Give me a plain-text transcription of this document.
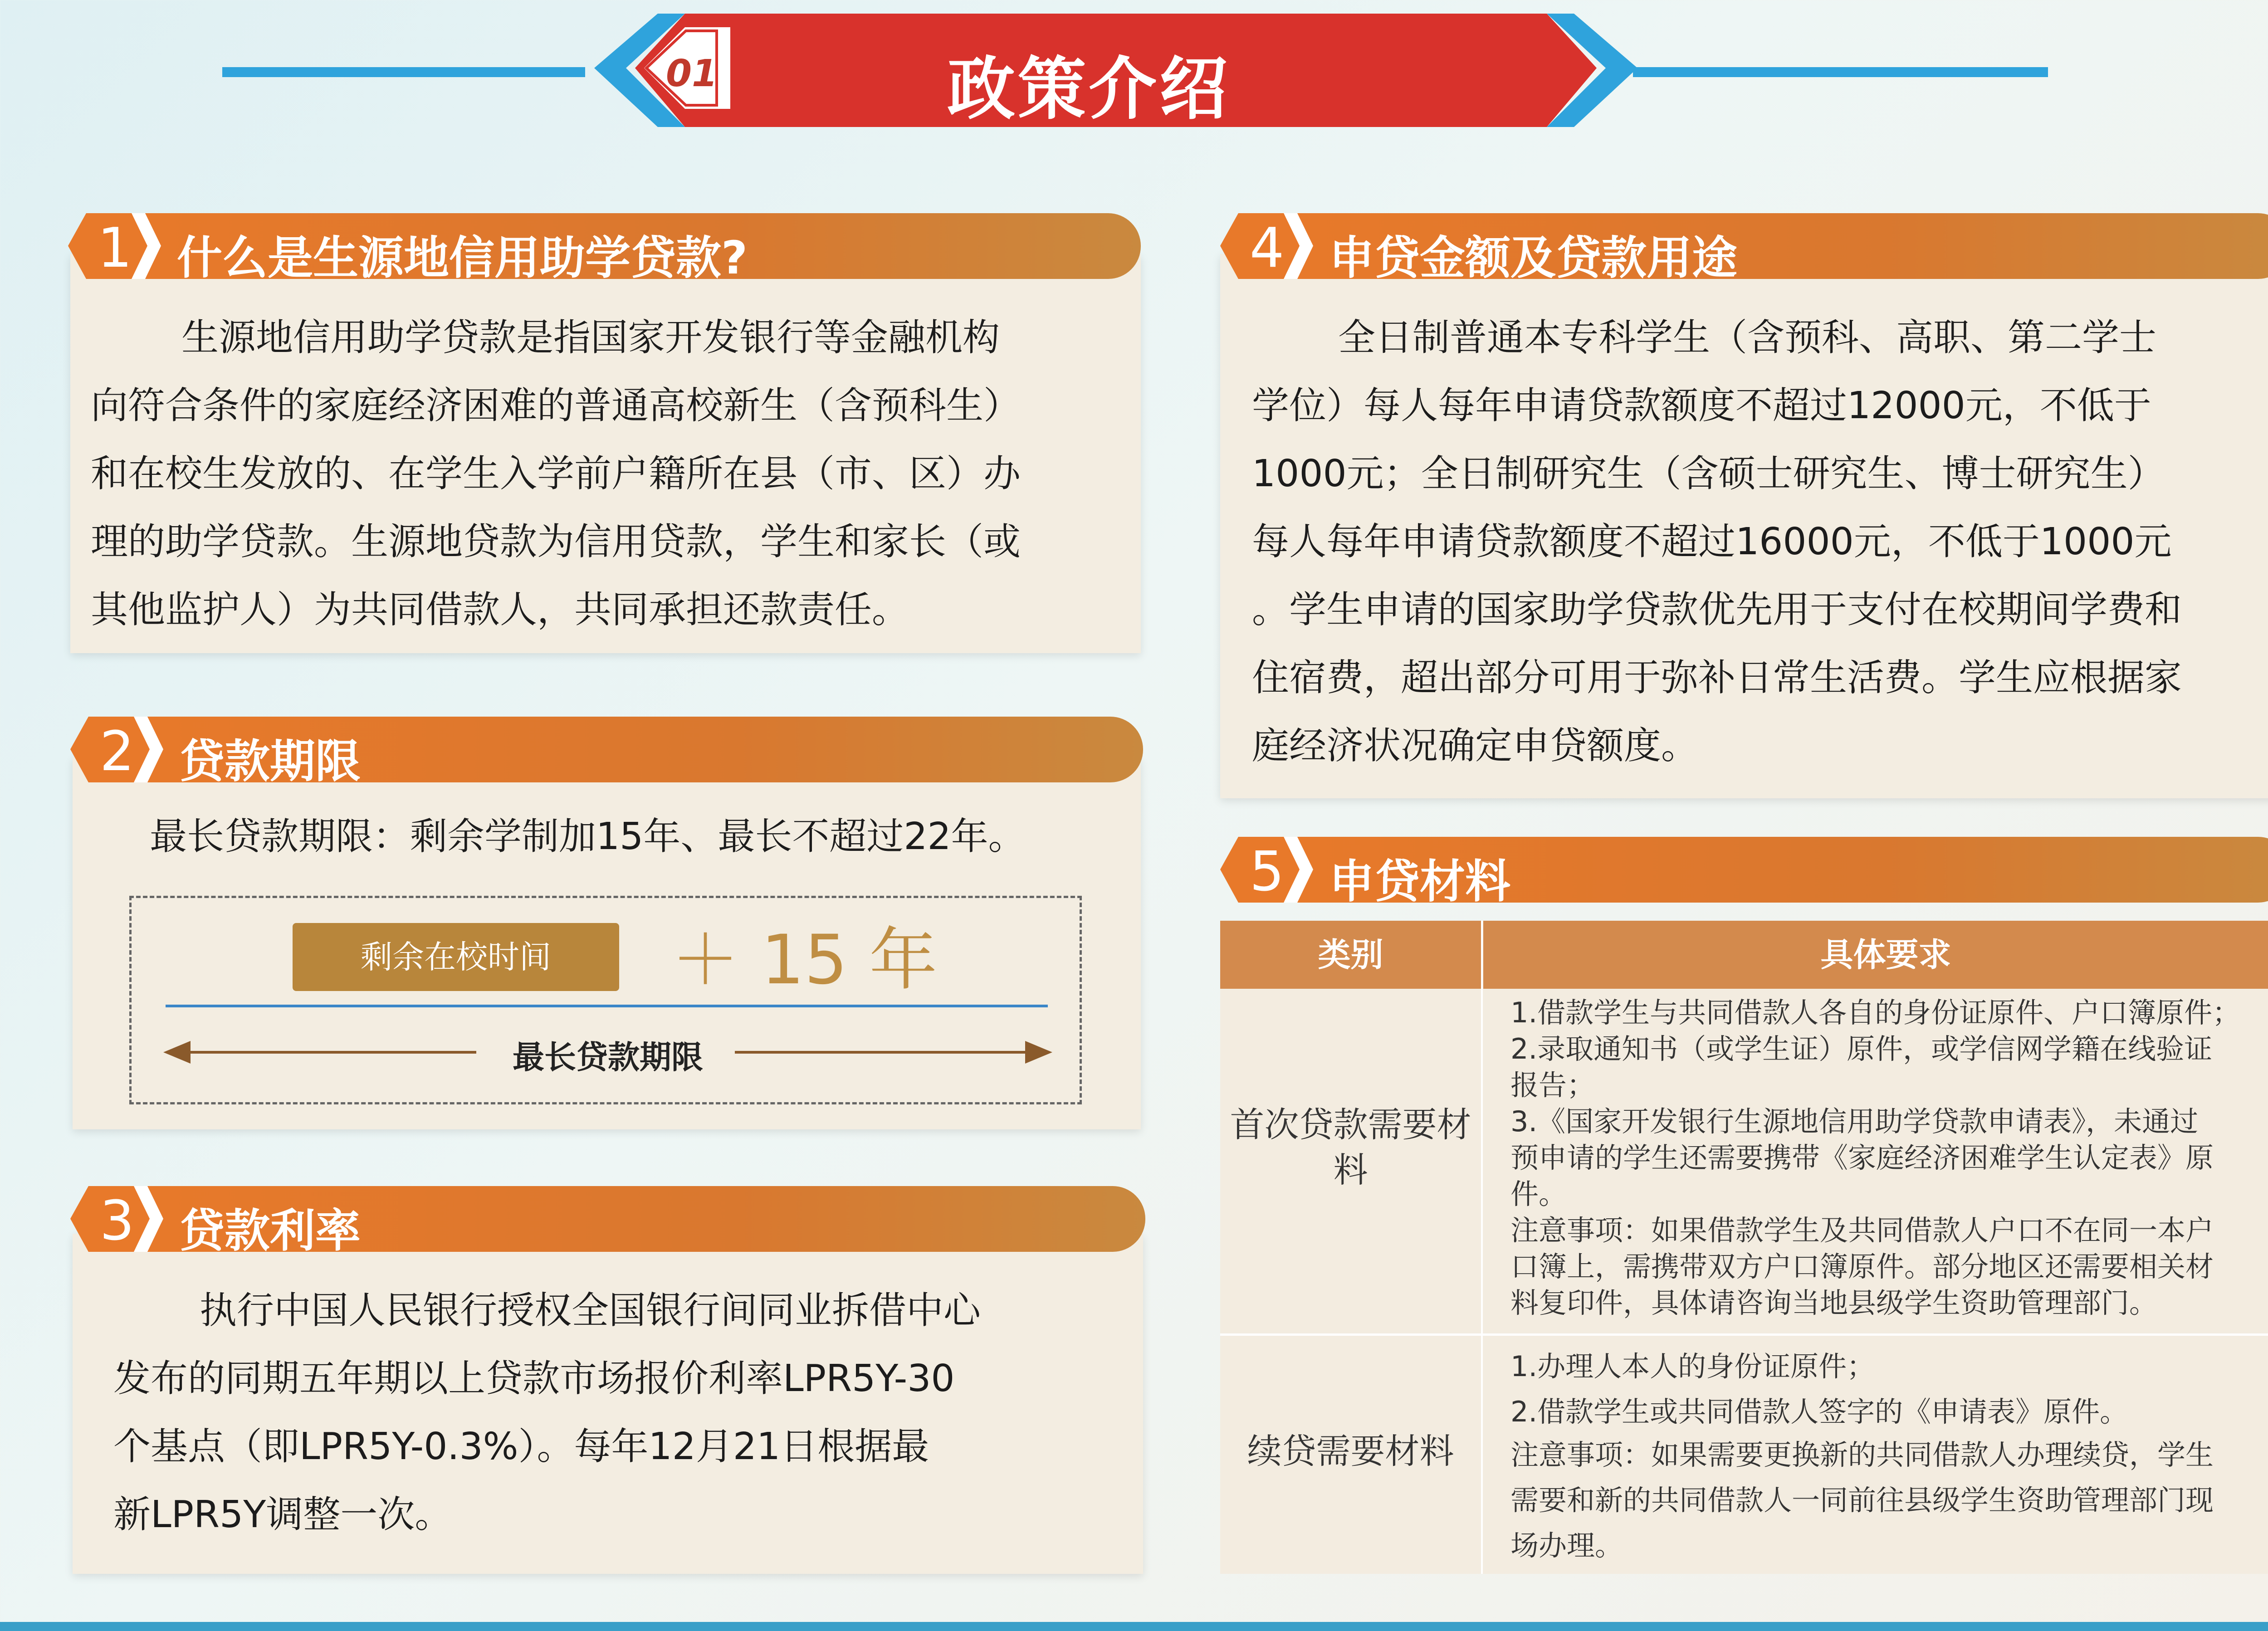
01	政策介绍
1 什么是生源地信用助学贷款?
生源地信用助学贷款是指国家开发银行等金融机构
向符合条件的家庭经济困难的普通高校新生（含预科生）
和在校生发放的、在学生入学前户籍所在县（市、区）办
理的助学贷款。生源地贷款为信用贷款，学生和家长（或
其他监护人）为共同借款人，共同承担还款责任。
2 贷款期限
最长贷款期限：剩余学制加15年、最长不超过22年。
剩余在校时间	＋ 15 年
最长贷款期限
3 贷款利率
执行中国人民银行授权全国银行间同业拆借中心
发布的同期五年期以上贷款市场报价利率LPR5Y-30
个基点（即LPR5Y-0.3%）。每年12月21日根据最
新LPR5Y调整一次。
4 申贷金额及贷款用途
全日制普通本专科学生（含预科、高职、第二学士
学位）每人每年申请贷款额度不超过12000元，不低于
1000元；全日制研究生（含硕士研究生、博士研究生）
每人每年申请贷款额度不超过16000元，不低于1000元
。学生申请的国家助学贷款优先用于支付在校期间学费和
住宿费，超出部分可用于弥补日常生活费。学生应根据家
庭经济状况确定申贷额度。
5 申贷材料
类别	具体要求
首次贷款需要材料
1.借款学生与共同借款人各自的身份证原件、户口簿原件；
2.录取通知书（或学生证）原件，或学信网学籍在线验证
报告；
3.《国家开发银行生源地信用助学贷款申请表》，未通过
预申请的学生还需要携带《家庭经济困难学生认定表》原
件。
注意事项：如果借款学生及共同借款人户口不在同一本户
口簿上，需携带双方户口簿原件。部分地区还需要相关材
料复印件，具体请咨询当地县级学生资助管理部门。
续贷需要材料
1.办理人本人的身份证原件；
2.借款学生或共同借款人签字的《申请表》原件。
注意事项：如果需要更换新的共同借款人办理续贷，学生
需要和新的共同借款人一同前往县级学生资助管理部门现
场办理。
